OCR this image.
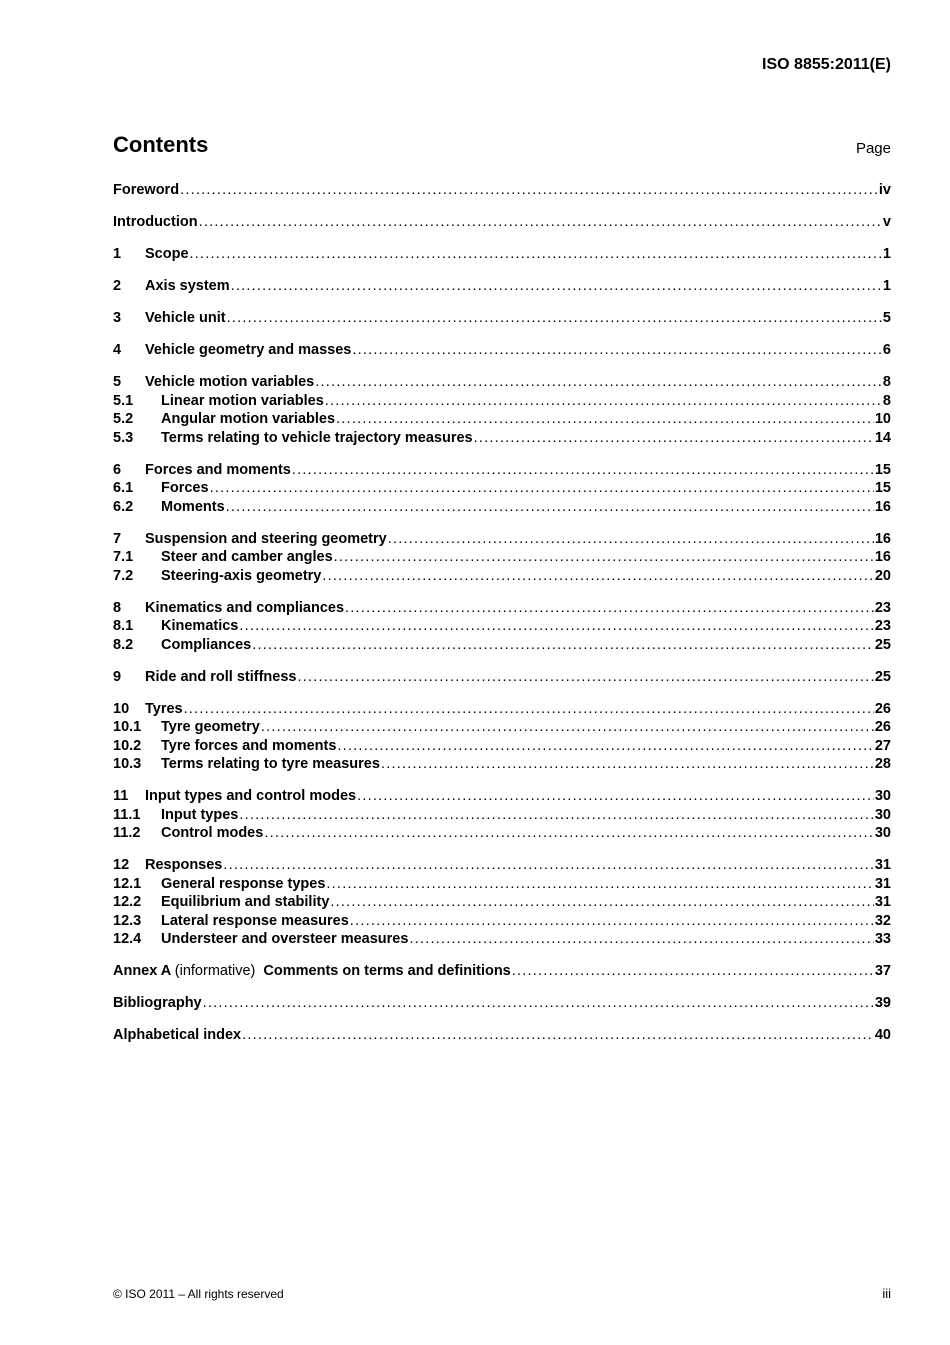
ISO 8855:2011(E)
Contents	Page
Foreword . . .	iv
Introduction . . .	v
1	Scope . . .	1
2	Axis system . . .	1
3	Vehicle unit . . .	5
4	Vehicle geometry and masses . . .	6
5	Vehicle motion variables . . .	8
5.1	Linear motion variables . . .	8
5.2	Angular motion variables . . .	10
5.3	Terms relating to vehicle trajectory measures . . .	14
6	Forces and moments . . .	15
6.1	Forces . . .	15
6.2	Moments . . .	16
7	Suspension and steering geometry . . .	16
7.1	Steer and camber angles . . .	16
7.2	Steering-axis geometry . . .	20
8	Kinematics and compliances . . .	23
8.1	Kinematics . . .	23
8.2	Compliances . . .	25
9	Ride and roll stiffness . . .	25
10	Tyres . . .	26
10.1	Tyre geometry . . .	26
10.2	Tyre forces and moments . . .	27
10.3	Terms relating to tyre measures . . .	28
11	Input types and control modes . . .	30
11.1	Input types . . .	30
11.2	Control modes . . .	30
12	Responses . . .	31
12.1	General response types . . .	31
12.2	Equilibrium and stability . . .	31
12.3	Lateral response measures . . .	32
12.4	Understeer and oversteer measures . . .	33
Annex A (informative) Comments on terms and definitions . . .	37
Bibliography . . .	39
Alphabetical index . . .	40
© ISO 2011 – All rights reserved	iii
